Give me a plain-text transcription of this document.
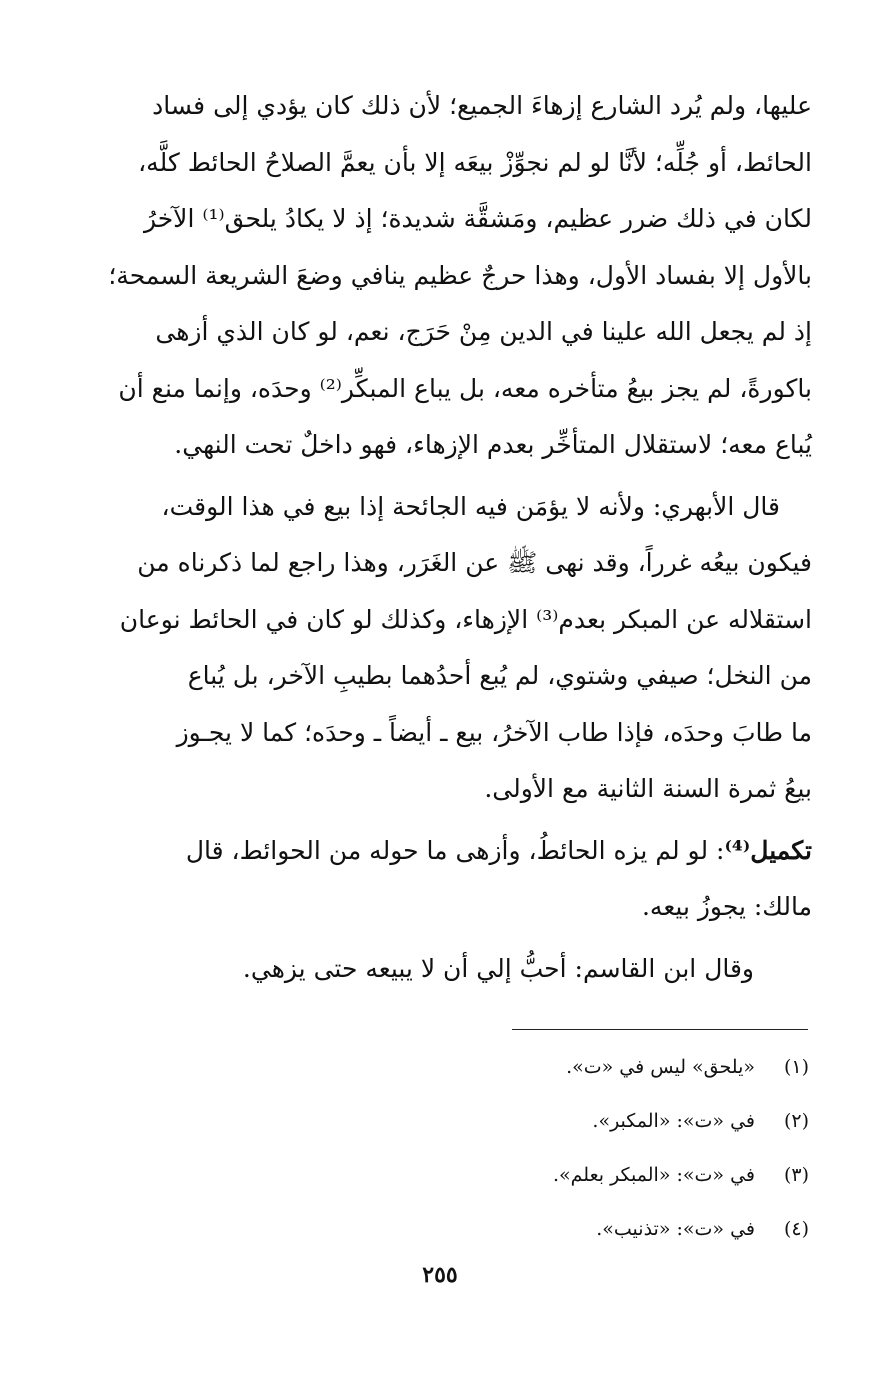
عليها، ولم يُرد الشارع إزهاءَ الجميع؛ لأن ذلك كان يؤدي إلى فساد
الحائط، أو جُلِّه؛ لأنَّا لو لم نجوِّزْ بيعَه إلا بأن يعمَّ الصلاحُ الحائط كلَّه،
لكان في ذلك ضرر عظيم، ومَشقَّة شديدة؛ إذ لا يكادُ يلحق⁽¹⁾ الآخرُ
بالأول إلا بفساد الأول، وهذا حرجٌ عظيم ينافي وضعَ الشريعة السمحة؛
إذ لم يجعل الله علينا في الدين مِنْ حَرَج، نعم، لو كان الذي أزهى
باكورةً، لم يجز بيعُ متأخره معه، بل يباع المبكِّر⁽²⁾ وحدَه، وإنما منع أن
يُباع معه؛ لاستقلال المتأخِّر بعدم الإزهاء، فهو داخلٌ تحت النهي.

قال الأبهري: ولأنه لا يؤمَن فيه الجائحة إذا بيع في هذا الوقت،
فيكون بيعُه غرراً، وقد نهى ﷺ عن الغَرَر، وهذا راجع لما ذكرناه من
استقلاله عن المبكر بعدم⁽³⁾ الإزهاء، وكذلك لو كان في الحائط نوعان
من النخل؛ صيفي وشتوي، لم يُبع أحدُهما بطيبِ الآخر، بل يُباع
ما طابَ وحدَه، فإذا طاب الآخرُ، بيع ـ أيضاً ـ وحدَه؛ كما لا يجـوز
بيعُ ثمرة السنة الثانية مع الأولى.

تكميل⁽⁴⁾: لو لم يزه الحائطُ، وأزهى ما حوله من الحوائط، قال
مالك: يجوزُ بيعه.

وقال ابن القاسم: أحبُّ إلي أن لا يبيعه حتى يزهي.

(١)
«يلحق» ليس في «ت».
(٢)
في «ت»: «المكبر».
(٣)
في «ت»: «المبكر بعلم».
(٤)
في «ت»: «تذنيب».
٢٥٥
